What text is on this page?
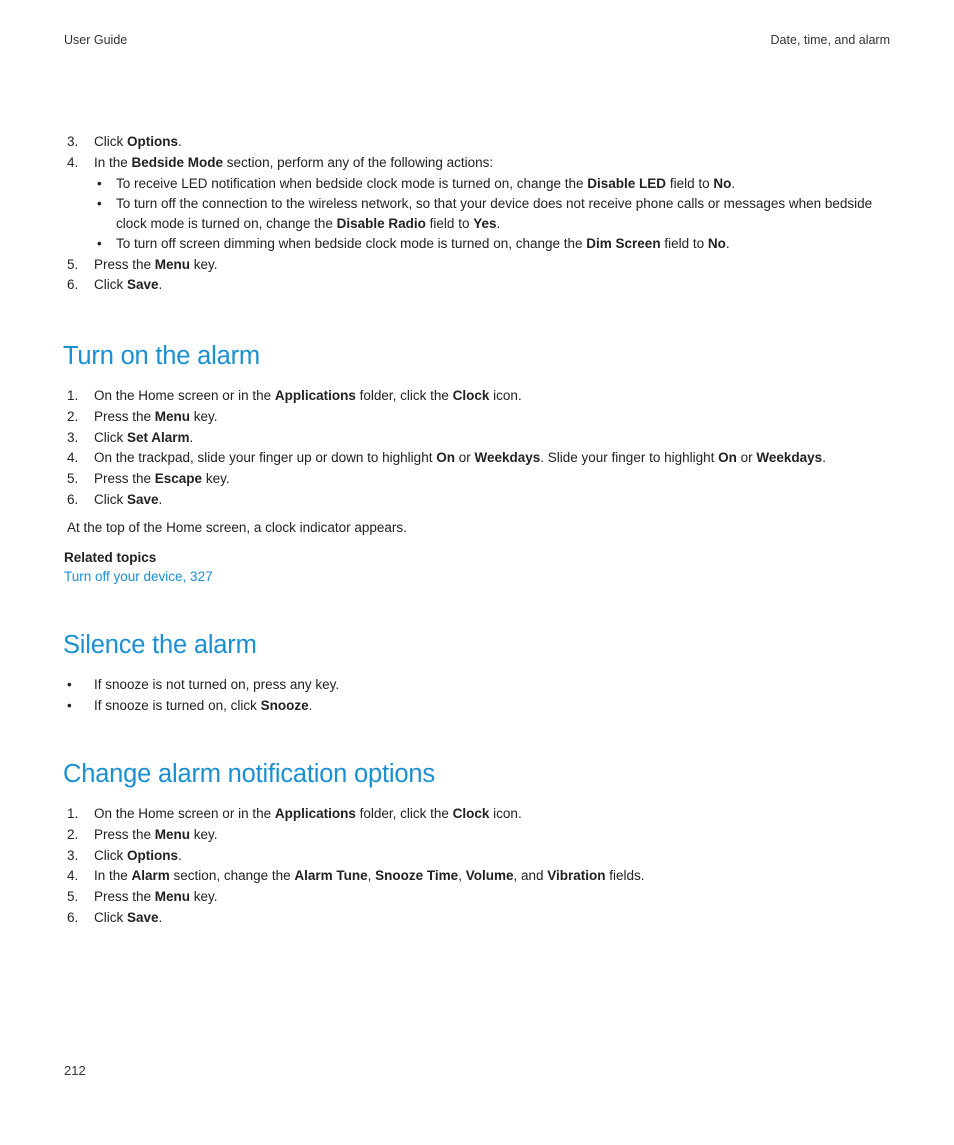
User Guide	Date, time, and alarm
3. Click Options.
4. In the Bedside Mode section, perform any of the following actions:
• To receive LED notification when bedside clock mode is turned on, change the Disable LED field to No.
• To turn off the connection to the wireless network, so that your device does not receive phone calls or messages when bedside clock mode is turned on, change the Disable Radio field to Yes.
• To turn off screen dimming when bedside clock mode is turned on, change the Dim Screen field to No.
5. Press the Menu key.
6. Click Save.
Turn on the alarm
1. On the Home screen or in the Applications folder, click the Clock icon.
2. Press the Menu key.
3. Click Set Alarm.
4. On the trackpad, slide your finger up or down to highlight On or Weekdays. Slide your finger to highlight On or Weekdays.
5. Press the Escape key.
6. Click Save.
At the top of the Home screen, a clock indicator appears.
Related topics
Turn off your device, 327
Silence the alarm
• If snooze is not turned on, press any key.
• If snooze is turned on, click Snooze.
Change alarm notification options
1. On the Home screen or in the Applications folder, click the Clock icon.
2. Press the Menu key.
3. Click Options.
4. In the Alarm section, change the Alarm Tune, Snooze Time, Volume, and Vibration fields.
5. Press the Menu key.
6. Click Save.
212
